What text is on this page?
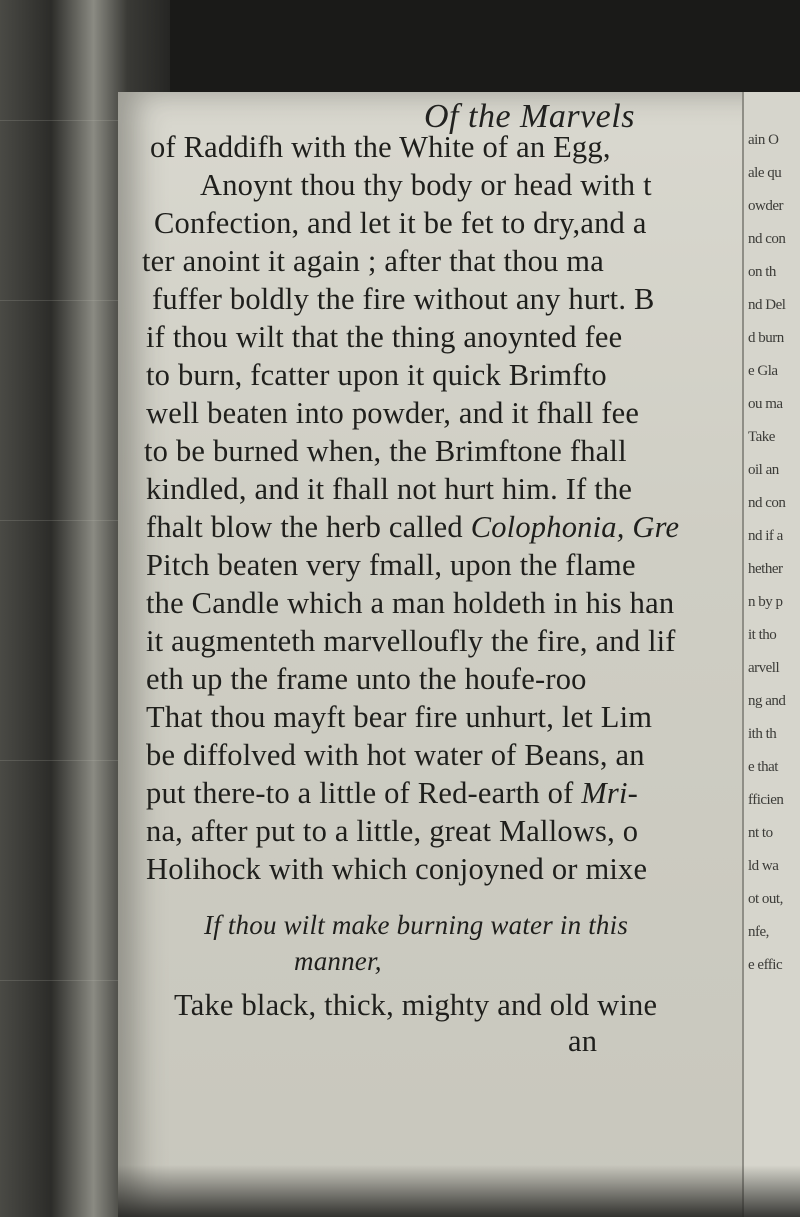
ain O
ale qu
owder
nd con
on th
nd Del
d burn
e Gla
ou ma
Take
oil an
nd con
nd if a
hether
n by p
it tho
arvell
ng and
ith th
e that
fficien
nt to
ld wa
ot out,
nfe,
e effic
Of the Marvels
of Raddifh with the White of an Egg,
Anoynt thou thy body or head with t
Confection, and let it be fet to dry,and a
ter anoint it again ; after that thou ma
fuffer boldly the fire without any hurt. B
if thou wilt that the thing anoynted fee
to burn, fcatter upon it quick Brimfto
well beaten into powder, and it fhall fee
to be burned when, the Brimftone fhall
kindled, and it fhall not hurt him. If the
fhalt blow the herb called Colophonia, Gre
Pitch beaten very fmall, upon the flame
the Candle which a man holdeth in his han
it augmenteth marvelloufly the fire, and lif
eth up the frame unto the houfe-roo
That thou mayft bear fire unhurt, let Lim
be diffolved with hot water of Beans, an
put there-to a little of Red-earth of Mri-
na, after put to a little, great Mallows, o
Holihock with which conjoyned or mixe
If thou wilt make burning water in this
manner,
Take black, thick, mighty and old wine
an
